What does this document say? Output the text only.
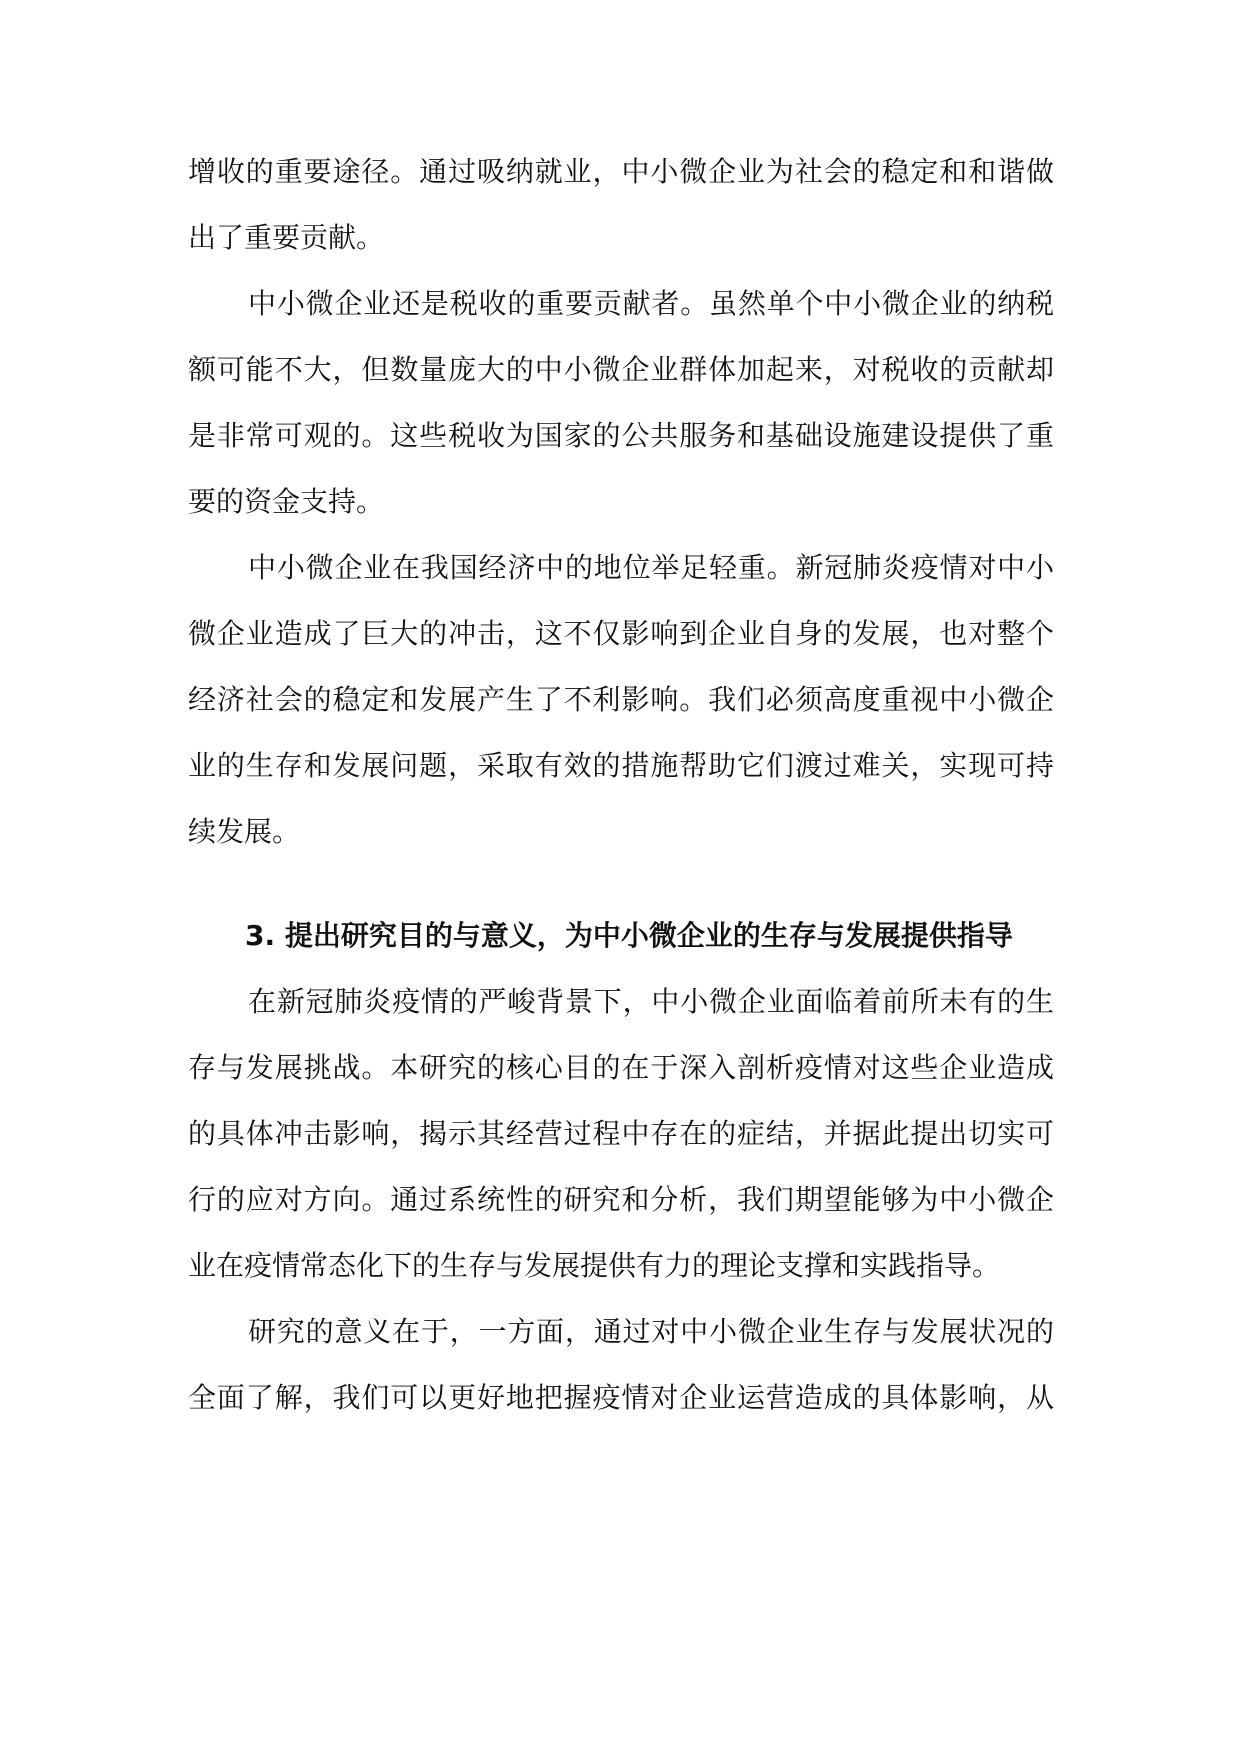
增收的重要途径。通过吸纳就业，中小微企业为社会的稳定和和谐做
出了重要贡献。
中小微企业还是税收的重要贡献者。虽然单个中小微企业的纳税
额可能不大，但数量庞大的中小微企业群体加起来，对税收的贡献却
是非常可观的。这些税收为国家的公共服务和基础设施建设提供了重
要的资金支持。
中小微企业在我国经济中的地位举足轻重。新冠肺炎疫情对中小
微企业造成了巨大的冲击，这不仅影响到企业自身的发展，也对整个
经济社会的稳定和发展产生了不利影响。我们必须高度重视中小微企
业的生存和发展问题，采取有效的措施帮助它们渡过难关，实现可持
续发展。
3. 提出研究目的与意义，为中小微企业的生存与发展提供指导
在新冠肺炎疫情的严峻背景下，中小微企业面临着前所未有的生
存与发展挑战。本研究的核心目的在于深入剖析疫情对这些企业造成
的具体冲击影响，揭示其经营过程中存在的症结，并据此提出切实可
行的应对方向。通过系统性的研究和分析，我们期望能够为中小微企
业在疫情常态化下的生存与发展提供有力的理论支撑和实践指导。
研究的意义在于，一方面，通过对中小微企业生存与发展状况的
全面了解，我们可以更好地把握疫情对企业运营造成的具体影响，从
